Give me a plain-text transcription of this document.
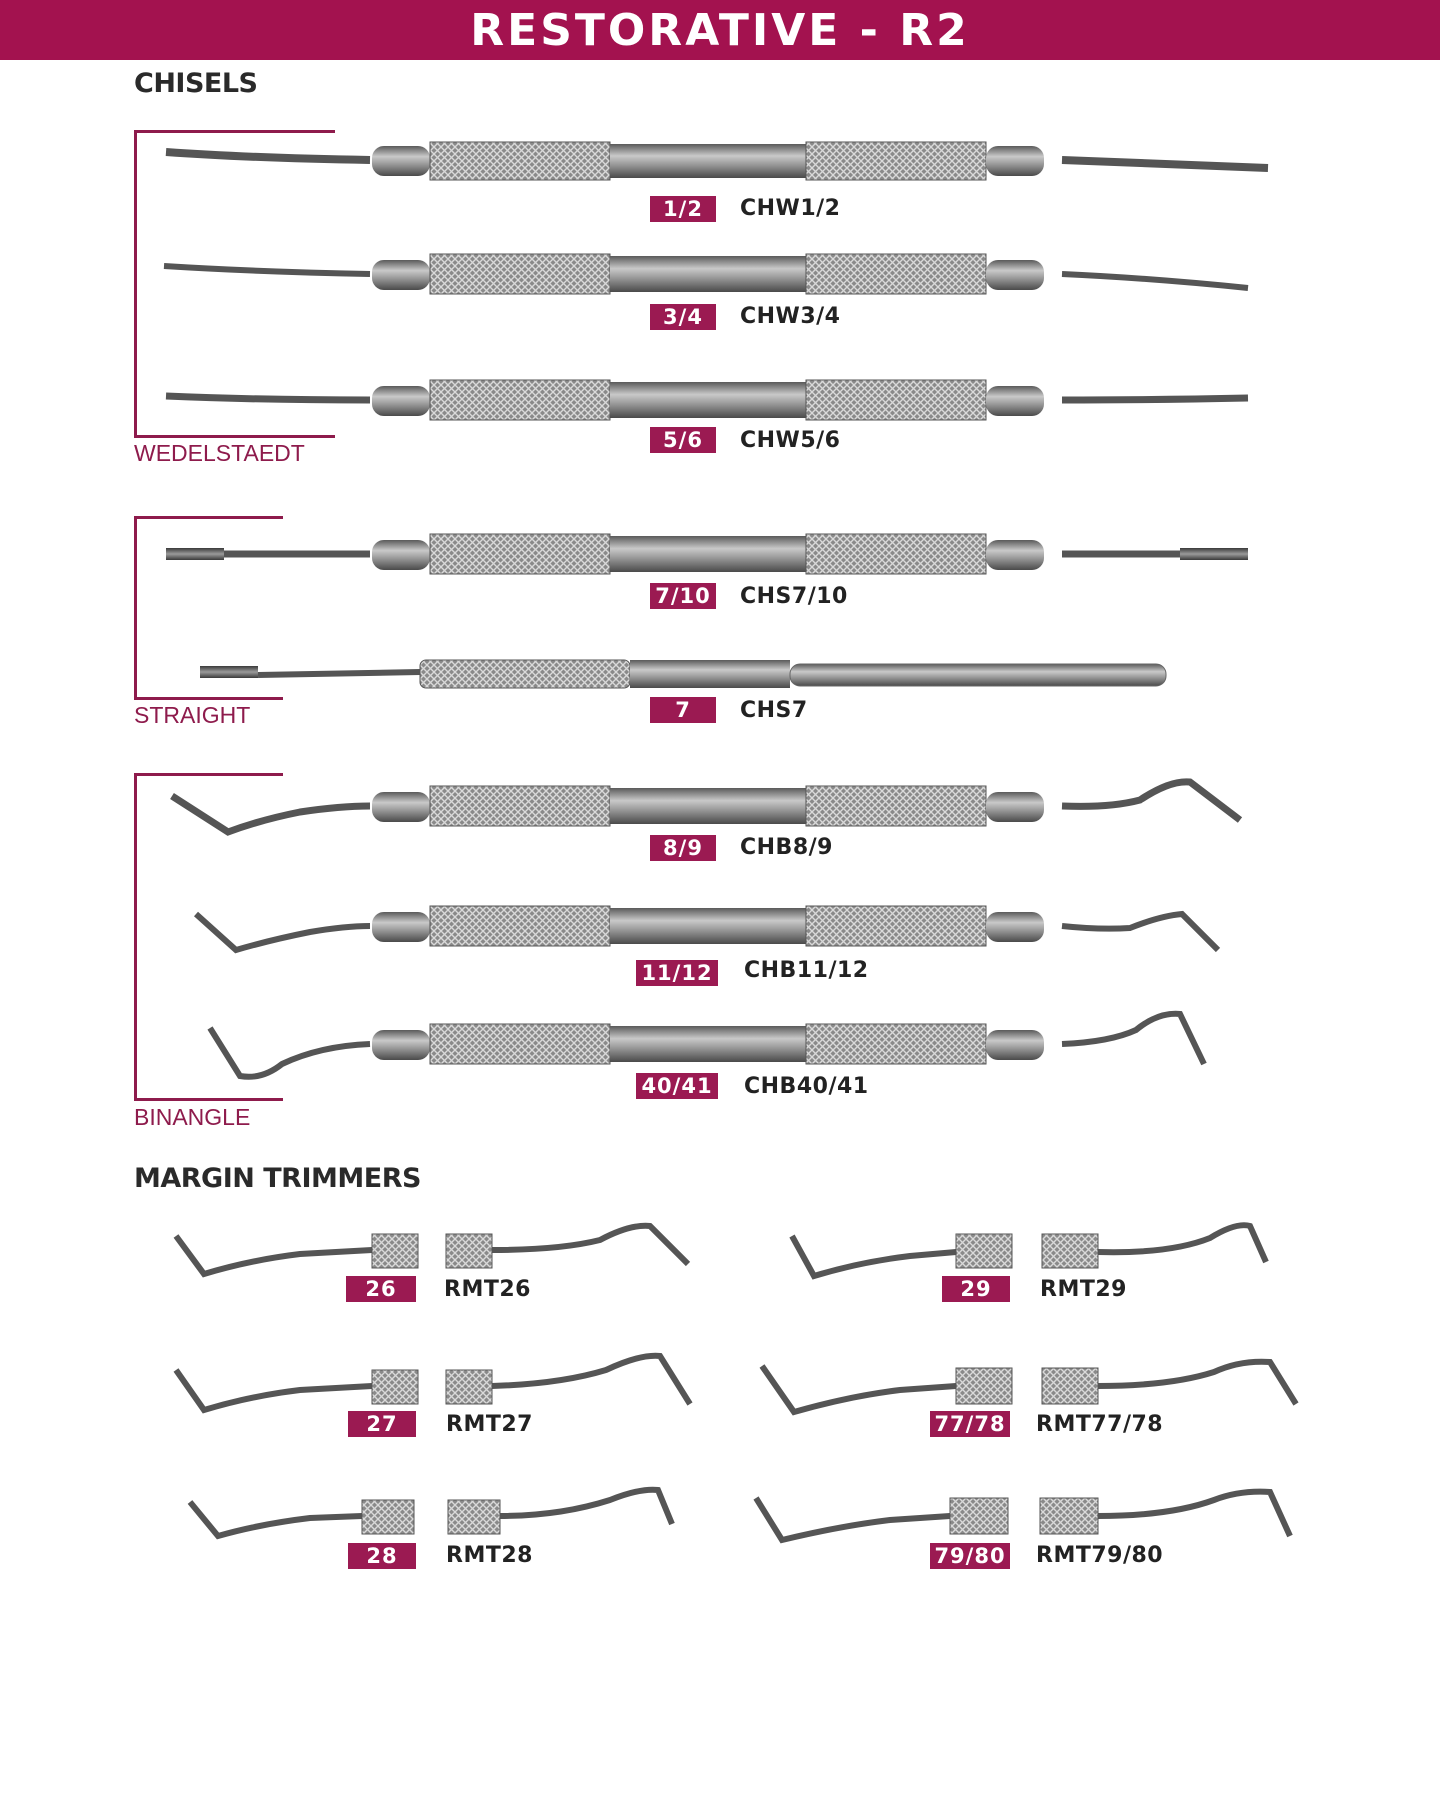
RESTORATIVE - R2
CHISELS
MARGIN TRIMMERS
WEDELSTAEDT
STRAIGHT
BINANGLE
1/2	CHW1/2
3/4	CHW3/4
5/6	CHW5/6
7/10 CHS7/10
7	CHS7
8/9	CHB8/9
11/12 CHB11/12
40/41 CHB40/41
26	RMT26	29	RMT29
27	RMT27	77/78 RMT77/78
28	RMT28	79/80 RMT79/80
